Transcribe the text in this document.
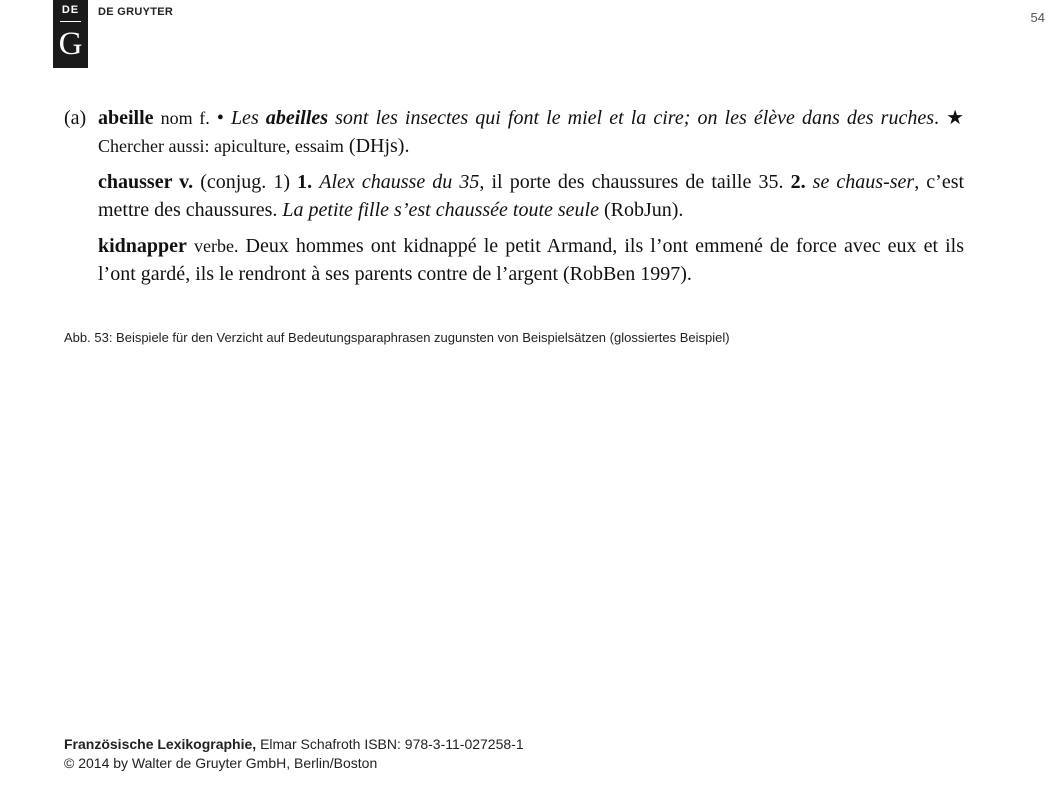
DE
G
DE GRUYTER	54
(a) abeille nom f. • Les abeilles sont les insectes qui font le miel et la cire; on les élève dans des ruches. ★ Chercher aussi: apiculture, essaim (DHjs).
chausser v. (conjug. 1) 1. Alex chausse du 35, il porte des chaussures de taille 35. 2. se chaus-ser, c’est mettre des chaussures. La petite fille s’est chaussée toute seule (RobJun).
kidnapper verbe. Deux hommes ont kidnappé le petit Armand, ils l’ont emmené de force avec eux et ils l’ont gardé, ils le rendront à ses parents contre de l’argent (RobBen 1997).
Abb. 53: Beispiele für den Verzicht auf Bedeutungsparaphrasen zugunsten von Beispielsätzen (glossiertes Beispiel)
Französische Lexikographie, Elmar Schafroth ISBN: 978-3-11-027258-1
© 2014 by Walter de Gruyter GmbH, Berlin/Boston
